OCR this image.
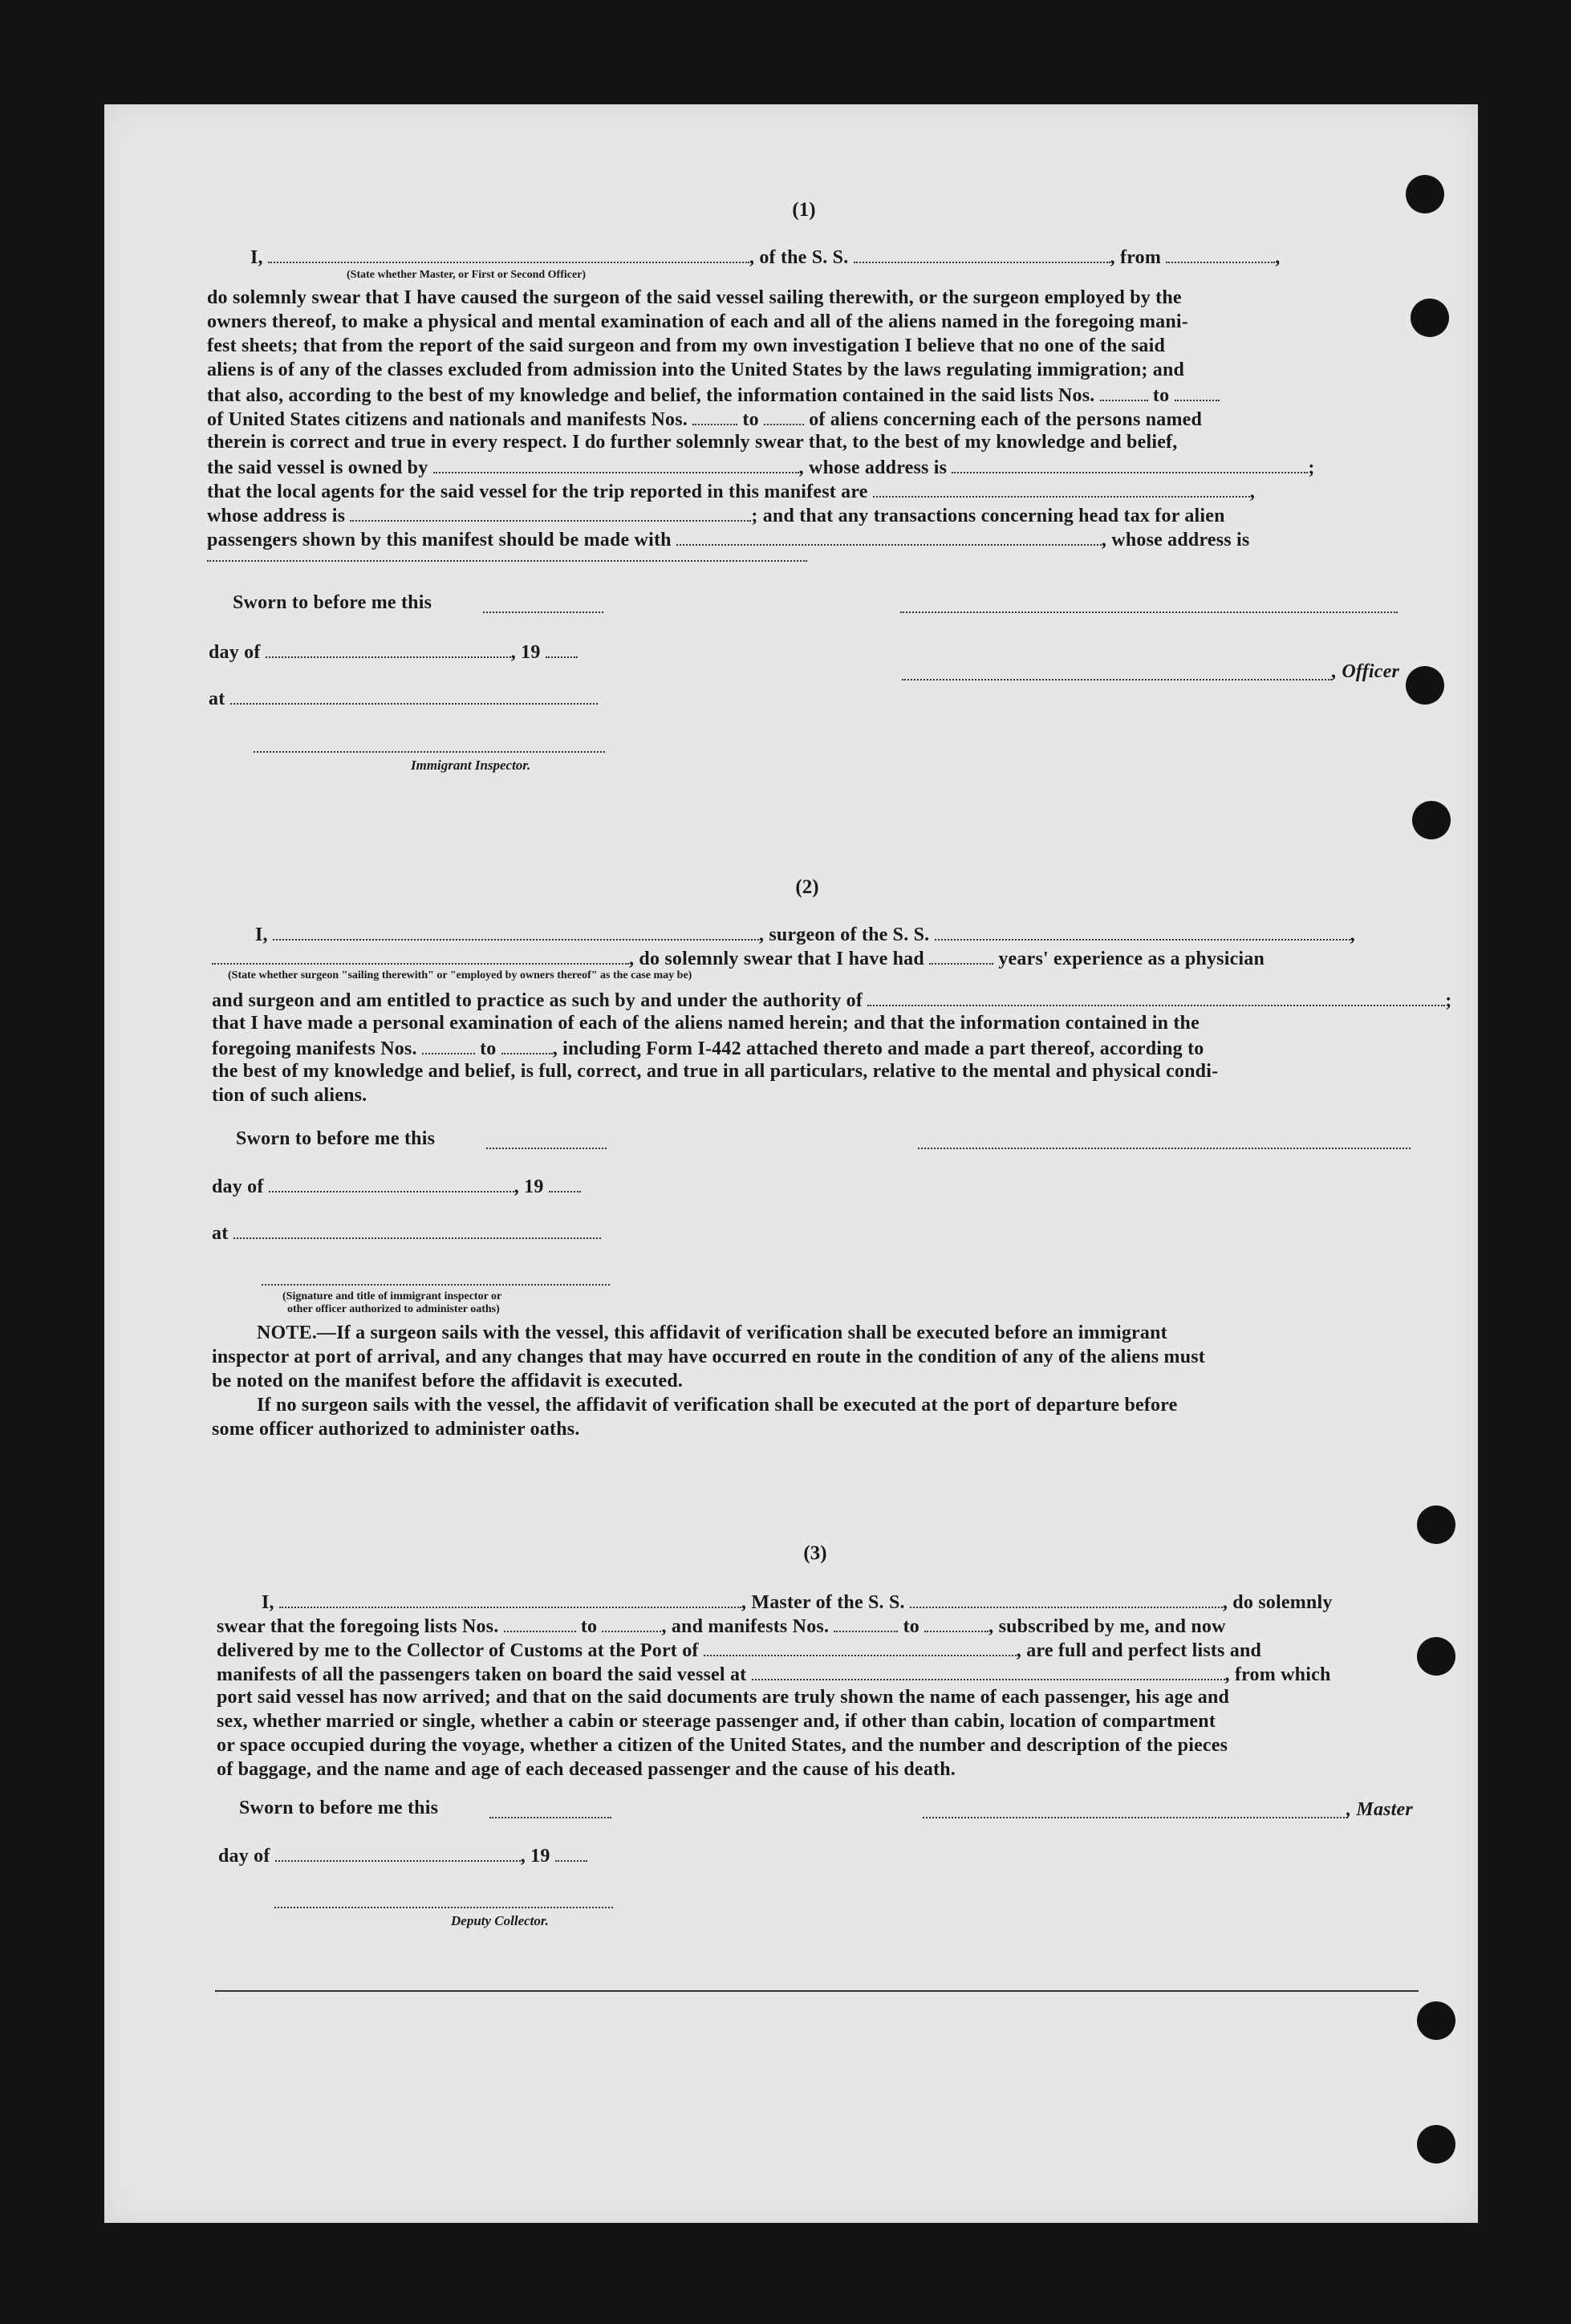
(1)
I,	, of the S. S.	, from	,
(State whether Master, or First or Second Officer)
do solemnly swear that I have caused the surgeon of the said vessel sailing therewith, or the surgeon employed by the
owners thereof, to make a physical and mental examination of each and all of the aliens named in the foregoing mani-
fest sheets; that from the report of the said surgeon and from my own investigation I believe that no one of the said
aliens is of any of the classes excluded from admission into the United States by the laws regulating immigration; and
that also, according to the best of my knowledge and belief, the information contained in the said lists Nos.	to
of United States citizens and nationals and manifests Nos.	to	of aliens concerning each of the persons named
therein is correct and true in every respect. I do further solemnly swear that, to the best of my knowledge and belief,
the said vessel is owned by	, whose address is	;
that the local agents for the said vessel for the trip reported in this manifest are	,
whose address is	; and that any transactions concerning head tax for alien
passengers shown by this manifest should be made with	, whose address is
Sworn to before me this
day of	, 19
at
, Officer
Immigrant Inspector.
(2)
I,	, surgeon of the S. S.	,
, do solemnly swear that I have had	years' experience as a physician
(State whether surgeon "sailing therewith" or "employed by owners thereof" as the case may be)
and surgeon and am entitled to practice as such by and under the authority of	;
that I have made a personal examination of each of the aliens named herein; and that the information contained in the
foregoing manifests Nos.	to	, including Form I-442 attached thereto and made a part thereof, according to
the best of my knowledge and belief, is full, correct, and true in all particulars, relative to the mental and physical condi-
tion of such aliens.
Sworn to before me this
day of	, 19
at
(Signature and title of immigrant inspector or
other officer authorized to administer oaths)
NOTE.—If a surgeon sails with the vessel, this affidavit of verification shall be executed before an immigrant
inspector at port of arrival, and any changes that may have occurred en route in the condition of any of the aliens must
be noted on the manifest before the affidavit is executed.
If no surgeon sails with the vessel, the affidavit of verification shall be executed at the port of departure before
some officer authorized to administer oaths.
(3)
I,	, Master of the S. S.	, do solemnly
swear that the foregoing lists Nos.	to	, and manifests Nos.	to	, subscribed by me, and now
delivered by me to the Collector of Customs at the Port of	, are full and perfect lists and
manifests of all the passengers taken on board the said vessel at	, from which
port said vessel has now arrived; and that on the said documents are truly shown the name of each passenger, his age and
sex, whether married or single, whether a cabin or steerage passenger and, if other than cabin, location of compartment
or space occupied during the voyage, whether a citizen of the United States, and the number and description of the pieces
of baggage, and the name and age of each deceased passenger and the cause of his death.
Sworn to before me this	, Master
day of	, 19
Deputy Collector.
